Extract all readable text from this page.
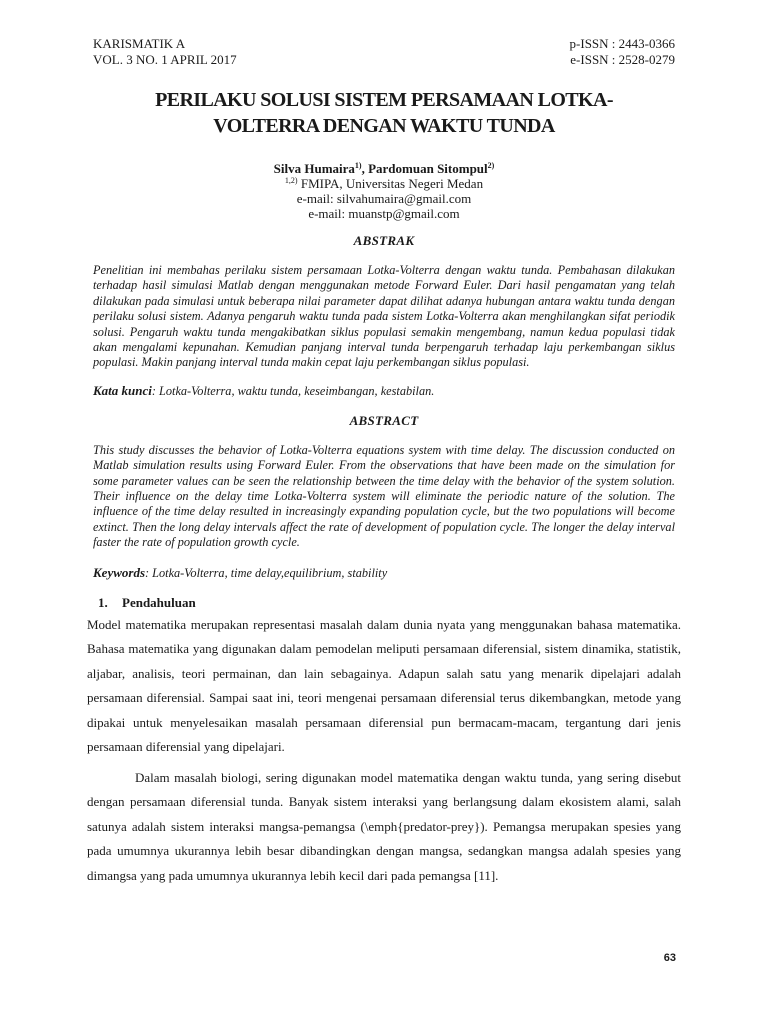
KARISMATIK A	p-ISSN : 2443-0366
VOL. 3 NO. 1 APRIL 2017	e-ISSN : 2528-0279
PERILAKU SOLUSI SISTEM PERSAMAAN LOTKA-
VOLTERRA DENGAN WAKTU TUNDA
Silva Humaira$^{1)}$, Pardomuan Sitompul$^{2)}$
$^{1,2)}$ FMIPA, Universitas Negeri Medan
e-mail: silvahumaira@gmail.com
e-mail: muanstp@gmail.com
ABSTRAK
Penelitian ini membahas perilaku sistem persamaan Lotka-Volterra dengan waktu tunda. Pembahasan dilakukan terhadap hasil simulasi Matlab dengan menggunakan metode Forward Euler. Dari hasil pengamatan yang telah dilakukan pada simulasi untuk beberapa nilai parameter dapat dilihat adanya hubungan antara waktu tunda dengan perilaku solusi sistem. Adanya pengaruh waktu tunda pada sistem Lotka-Volterra akan menghilangkan sifat periodik solusi. Pengaruh waktu tunda mengakibatkan siklus populasi semakin mengembang, namun kedua populasi tidak akan mengalami kepunahan. Kemudian panjang interval tunda berpengaruh terhadap laju perkembangan siklus populasi. Makin panjang interval tunda makin cepat laju perkembangan siklus populasi.
Kata kunci: Lotka-Volterra, waktu tunda, keseimbangan, kestabilan.
ABSTRACT
This study discusses the behavior of Lotka-Volterra equations system with time delay. The discussion conducted on Matlab simulation results using Forward Euler. From the observations that have been made on the simulation for some parameter values can be seen the relationship between the time delay with the behavior of the system solution. Their influence on the delay time Lotka-Volterra system will eliminate the periodic nature of the solution. The influence of the time delay resulted in increasingly expanding population cycle, but the two populations will become extinct. Then the long delay intervals affect the rate of development of population cycle. The longer the delay interval faster the rate of population growth cycle.
Keywords: Lotka-Volterra, time delay,equilibrium, stability
1. Pendahuluan
Model matematika merupakan representasi masalah dalam dunia nyata yang menggunakan bahasa matematika. Bahasa matematika yang digunakan dalam pemodelan meliputi persamaan diferensial, sistem dinamika, statistik, aljabar, analisis, teori permainan, dan lain sebagainya. Adapun salah satu yang menarik dipelajari adalah persamaan diferensial. Sampai saat ini, teori mengenai persamaan diferensial terus dikembangkan, metode yang dipakai untuk menyelesaikan masalah persamaan diferensial pun bermacam-macam, tergantung dari jenis persamaan diferensial yang dipelajari.
Dalam masalah biologi, sering digunakan model matematika dengan waktu tunda, yang sering disebut dengan persamaan diferensial tunda. Banyak sistem interaksi yang berlangsung dalam ekosistem alami, salah satunya adalah sistem interaksi mangsa-pemangsa (\emph{predator-prey}). Pemangsa merupakan spesies yang pada umumnya ukurannya lebih besar dibandingkan dengan mangsa, sedangkan mangsa adalah spesies yang dimangsa yang pada umumnya ukurannya lebih kecil dari pada pemangsa [11].
63
